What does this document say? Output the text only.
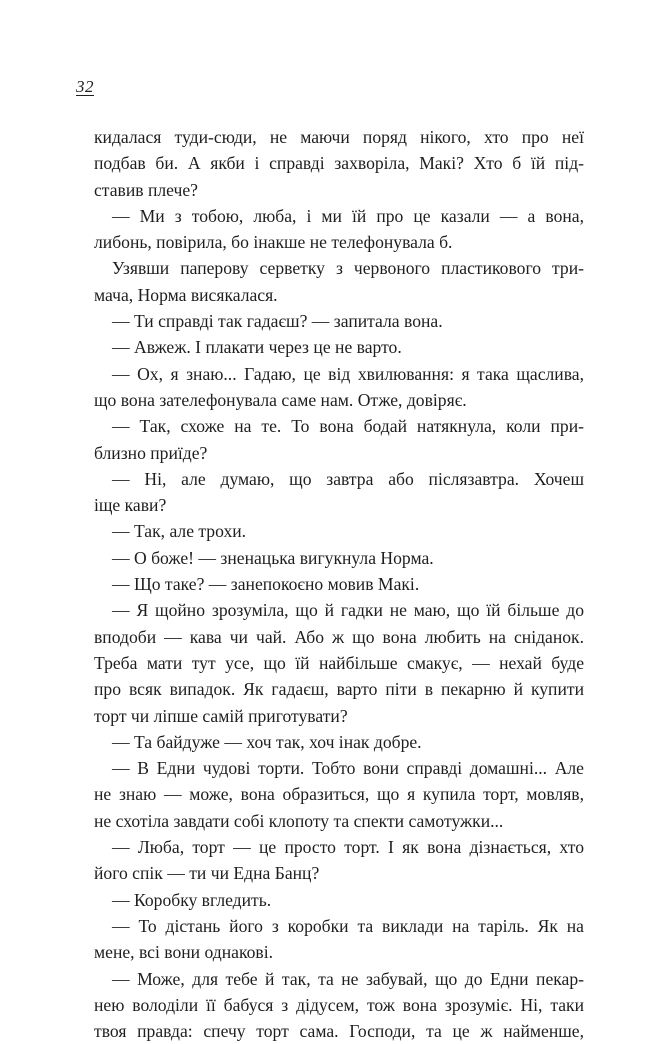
32
кидалася туди-сюди, не маючи поряд нікого, хто про неї
подбав би. А якби і справді захворіла, Макі? Хто б їй під-
ставив плече?
— Ми з тобою, люба, і ми їй про це казали — а вона,
либонь, повірила, бо інакше не телефонувала б.
Узявши паперову серветку з червоного пластикового три-
мача, Норма висякалася.
— Ти справді так гадаєш? — запитала вона.
— Авжеж. І плакати через це не варто.
— Ох, я знаю... Гадаю, це від хвилювання: я така щаслива,
що вона зателефонувала саме нам. Отже, довіряє.
— Так, схоже на те. То вона бодай натякнула, коли при-
близно приїде?
— Ні, але думаю, що завтра або післязавтра. Хочеш
іще кави?
— Так, але трохи.
— О боже! — зненацька вигукнула Норма.
— Що таке? — занепокоєно мовив Макі.
— Я щойно зрозуміла, що й гадки не маю, що їй більше до
вподоби — кава чи чай. Або ж що вона любить на сніданок.
Треба мати тут усе, що їй найбільше смакує, — нехай буде
про всяк випадок. Як гадаєш, варто піти в пекарню й купити
торт чи ліпше самій приготувати?
— Та байдуже — хоч так, хоч інак добре.
— В Едни чудові торти. Тобто вони справді домашні... Але
не знаю — може, вона образиться, що я купила торт, мовляв,
не схотіла завдати собі клопоту та спекти самотужки...
— Люба, торт — це просто торт. І як вона дізнається, хто
його спік — ти чи Една Банц?
— Коробку вгледить.
— То дістань його з коробки та виклади на таріль. Як на
мене, всі вони однакові.
— Може, для тебе й так, та не забувай, що до Едни пекар-
нею володіли її бабуся з дідусем, тож вона зрозуміє. Ні, таки
твоя правда: спечу торт сама. Господи, та це ж найменше,
